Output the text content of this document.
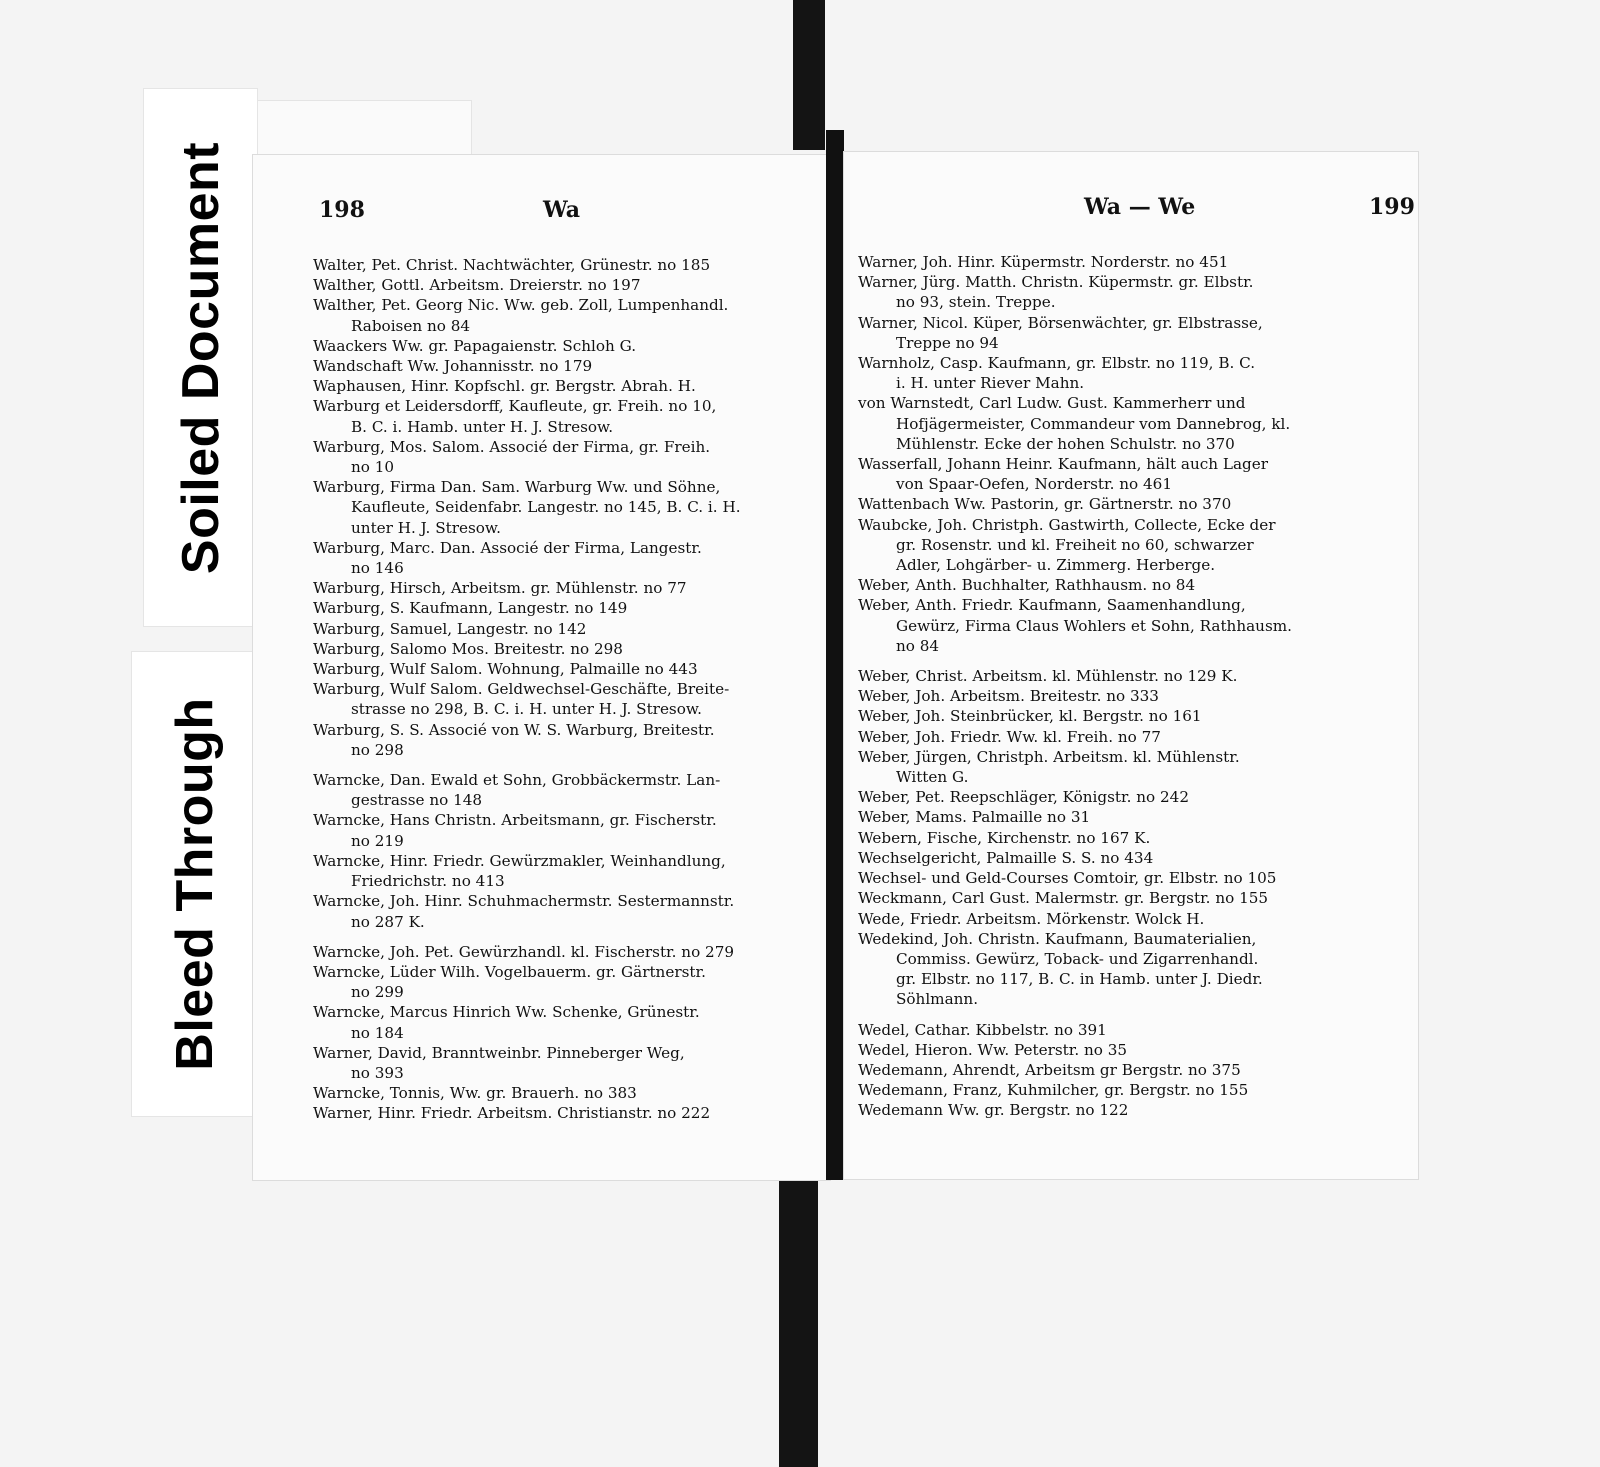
Soiled Document
Bleed Through
198	Wa
Walter, Pet. Christ. Nachtwächter, Grünestr. no 185
Walther, Gottl. Arbeitsm. Dreierstr. no 197
Walther, Pet. Georg Nic. Ww. geb. Zoll, Lumpenhandl.
Raboisen no 84
Waackers Ww. gr. Papagaienstr. Schloh G.
Wandschaft Ww. Johannisstr. no 179
Waphausen, Hinr. Kopfschl. gr. Bergstr. Abrah. H.
Warburg et Leidersdorff, Kaufleute, gr. Freih. no 10,
B. C. i. Hamb. unter H. J. Stresow.
Warburg, Mos. Salom. Associé der Firma, gr. Freih.
no 10
Warburg, Firma Dan. Sam. Warburg Ww. und Söhne,
Kaufleute, Seidenfabr. Langestr. no 145, B. C. i. H.
unter H. J. Stresow.
Warburg, Marc. Dan. Associé der Firma, Langestr.
no 146
Warburg, Hirsch, Arbeitsm. gr. Mühlenstr. no 77
Warburg, S. Kaufmann, Langestr. no 149
Warburg, Samuel, Langestr. no 142
Warburg, Salomo Mos. Breitestr. no 298
Warburg, Wulf Salom. Wohnung, Palmaille no 443
Warburg, Wulf Salom. Geldwechsel-Geschäfte, Breite-
strasse no 298, B. C. i. H. unter H. J. Stresow.
Warburg, S. S. Associé von W. S. Warburg, Breitestr.
no 298
Warncke, Dan. Ewald et Sohn, Grobbäckermstr. Lan-
gestrasse no 148
Warncke, Hans Christn. Arbeitsmann, gr. Fischerstr.
no 219
Warncke, Hinr. Friedr. Gewürzmakler, Weinhandlung,
Friedrichstr. no 413
Warncke, Joh. Hinr. Schuhmachermstr. Sestermannstr.
no 287 K.
Warncke, Joh. Pet. Gewürzhandl. kl. Fischerstr. no 279
Warncke, Lüder Wilh. Vogelbauerm. gr. Gärtnerstr.
no 299
Warncke, Marcus Hinrich Ww. Schenke, Grünestr.
no 184
Warner, David, Branntweinbr. Pinneberger Weg,
no 393
Warncke, Tonnis, Ww. gr. Brauerh. no 383
Warner, Hinr. Friedr. Arbeitsm. Christianstr. no 222
Wa — We	199
Warner, Joh. Hinr. Küpermstr. Norderstr. no 451
Warner, Jürg. Matth. Christn. Küpermstr. gr. Elbstr.
no 93, stein. Treppe.
Warner, Nicol. Küper, Börsenwächter, gr. Elbstrasse,
Treppe no 94
Warnholz, Casp. Kaufmann, gr. Elbstr. no 119, B. C.
i. H. unter Riever Mahn.
von Warnstedt, Carl Ludw. Gust. Kammerherr und
Hofjägermeister, Commandeur vom Dannebrog, kl.
Mühlenstr. Ecke der hohen Schulstr. no 370
Wasserfall, Johann Heinr. Kaufmann, hält auch Lager
von Spaar-Oefen, Norderstr. no 461
Wattenbach Ww. Pastorin, gr. Gärtnerstr. no 370
Waubcke, Joh. Christph. Gastwirth, Collecte, Ecke der
gr. Rosenstr. und kl. Freiheit no 60, schwarzer
Adler, Lohgärber- u. Zimmerg. Herberge.
Weber, Anth. Buchhalter, Rathhausm. no 84
Weber, Anth. Friedr. Kaufmann, Saamenhandlung,
Gewürz, Firma Claus Wohlers et Sohn, Rathhausm.
no 84
Weber, Christ. Arbeitsm. kl. Mühlenstr. no 129 K.
Weber, Joh. Arbeitsm. Breitestr. no 333
Weber, Joh. Steinbrücker, kl. Bergstr. no 161
Weber, Joh. Friedr. Ww. kl. Freih. no 77
Weber, Jürgen, Christph. Arbeitsm. kl. Mühlenstr.
Witten G.
Weber, Pet. Reepschläger, Königstr. no 242
Weber, Mams. Palmaille no 31
Webern, Fische, Kirchenstr. no 167 K.
Wechselgericht, Palmaille S. S. no 434
Wechsel- und Geld-Courses Comtoir, gr. Elbstr. no 105
Weckmann, Carl Gust. Malermstr. gr. Bergstr. no 155
Wede, Friedr. Arbeitsm. Mörkenstr. Wolck H.
Wedekind, Joh. Christn. Kaufmann, Baumaterialien,
Commiss. Gewürz, Toback- und Zigarrenhandl.
gr. Elbstr. no 117, B. C. in Hamb. unter J. Diedr.
Söhlmann.
Wedel, Cathar. Kibbelstr. no 391
Wedel, Hieron. Ww. Peterstr. no 35
Wedemann, Ahrendt, Arbeitsm gr Bergstr. no 375
Wedemann, Franz, Kuhmilcher, gr. Bergstr. no 155
Wedemann Ww. gr. Bergstr. no 122
